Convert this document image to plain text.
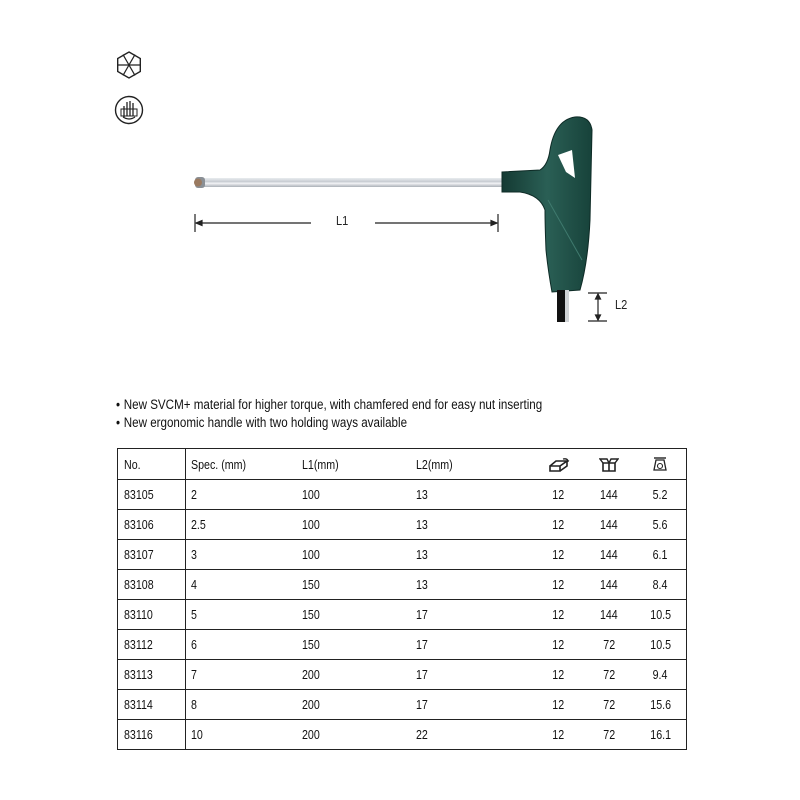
L1
L2
• New SVCM+ material for higher torque, with chamfered end for easy nut inserting
• New ergonomic handle with two holding ways available
No.	Spec. (mm)	L1(mm)	L2(mm)			
83105	2	100	13	12	144	5.2
83106	2.5	100	13	12	144	5.6
83107	3	100	13	12	144	6.1
83108	4	150	13	12	144	8.4
83110	5	150	17	12	144	10.5
83112	6	150	17	12	72	10.5
83113	7	200	17	12	72	9.4
83114	8	200	17	12	72	15.6
83116	10	200	22	12	72	16.1
